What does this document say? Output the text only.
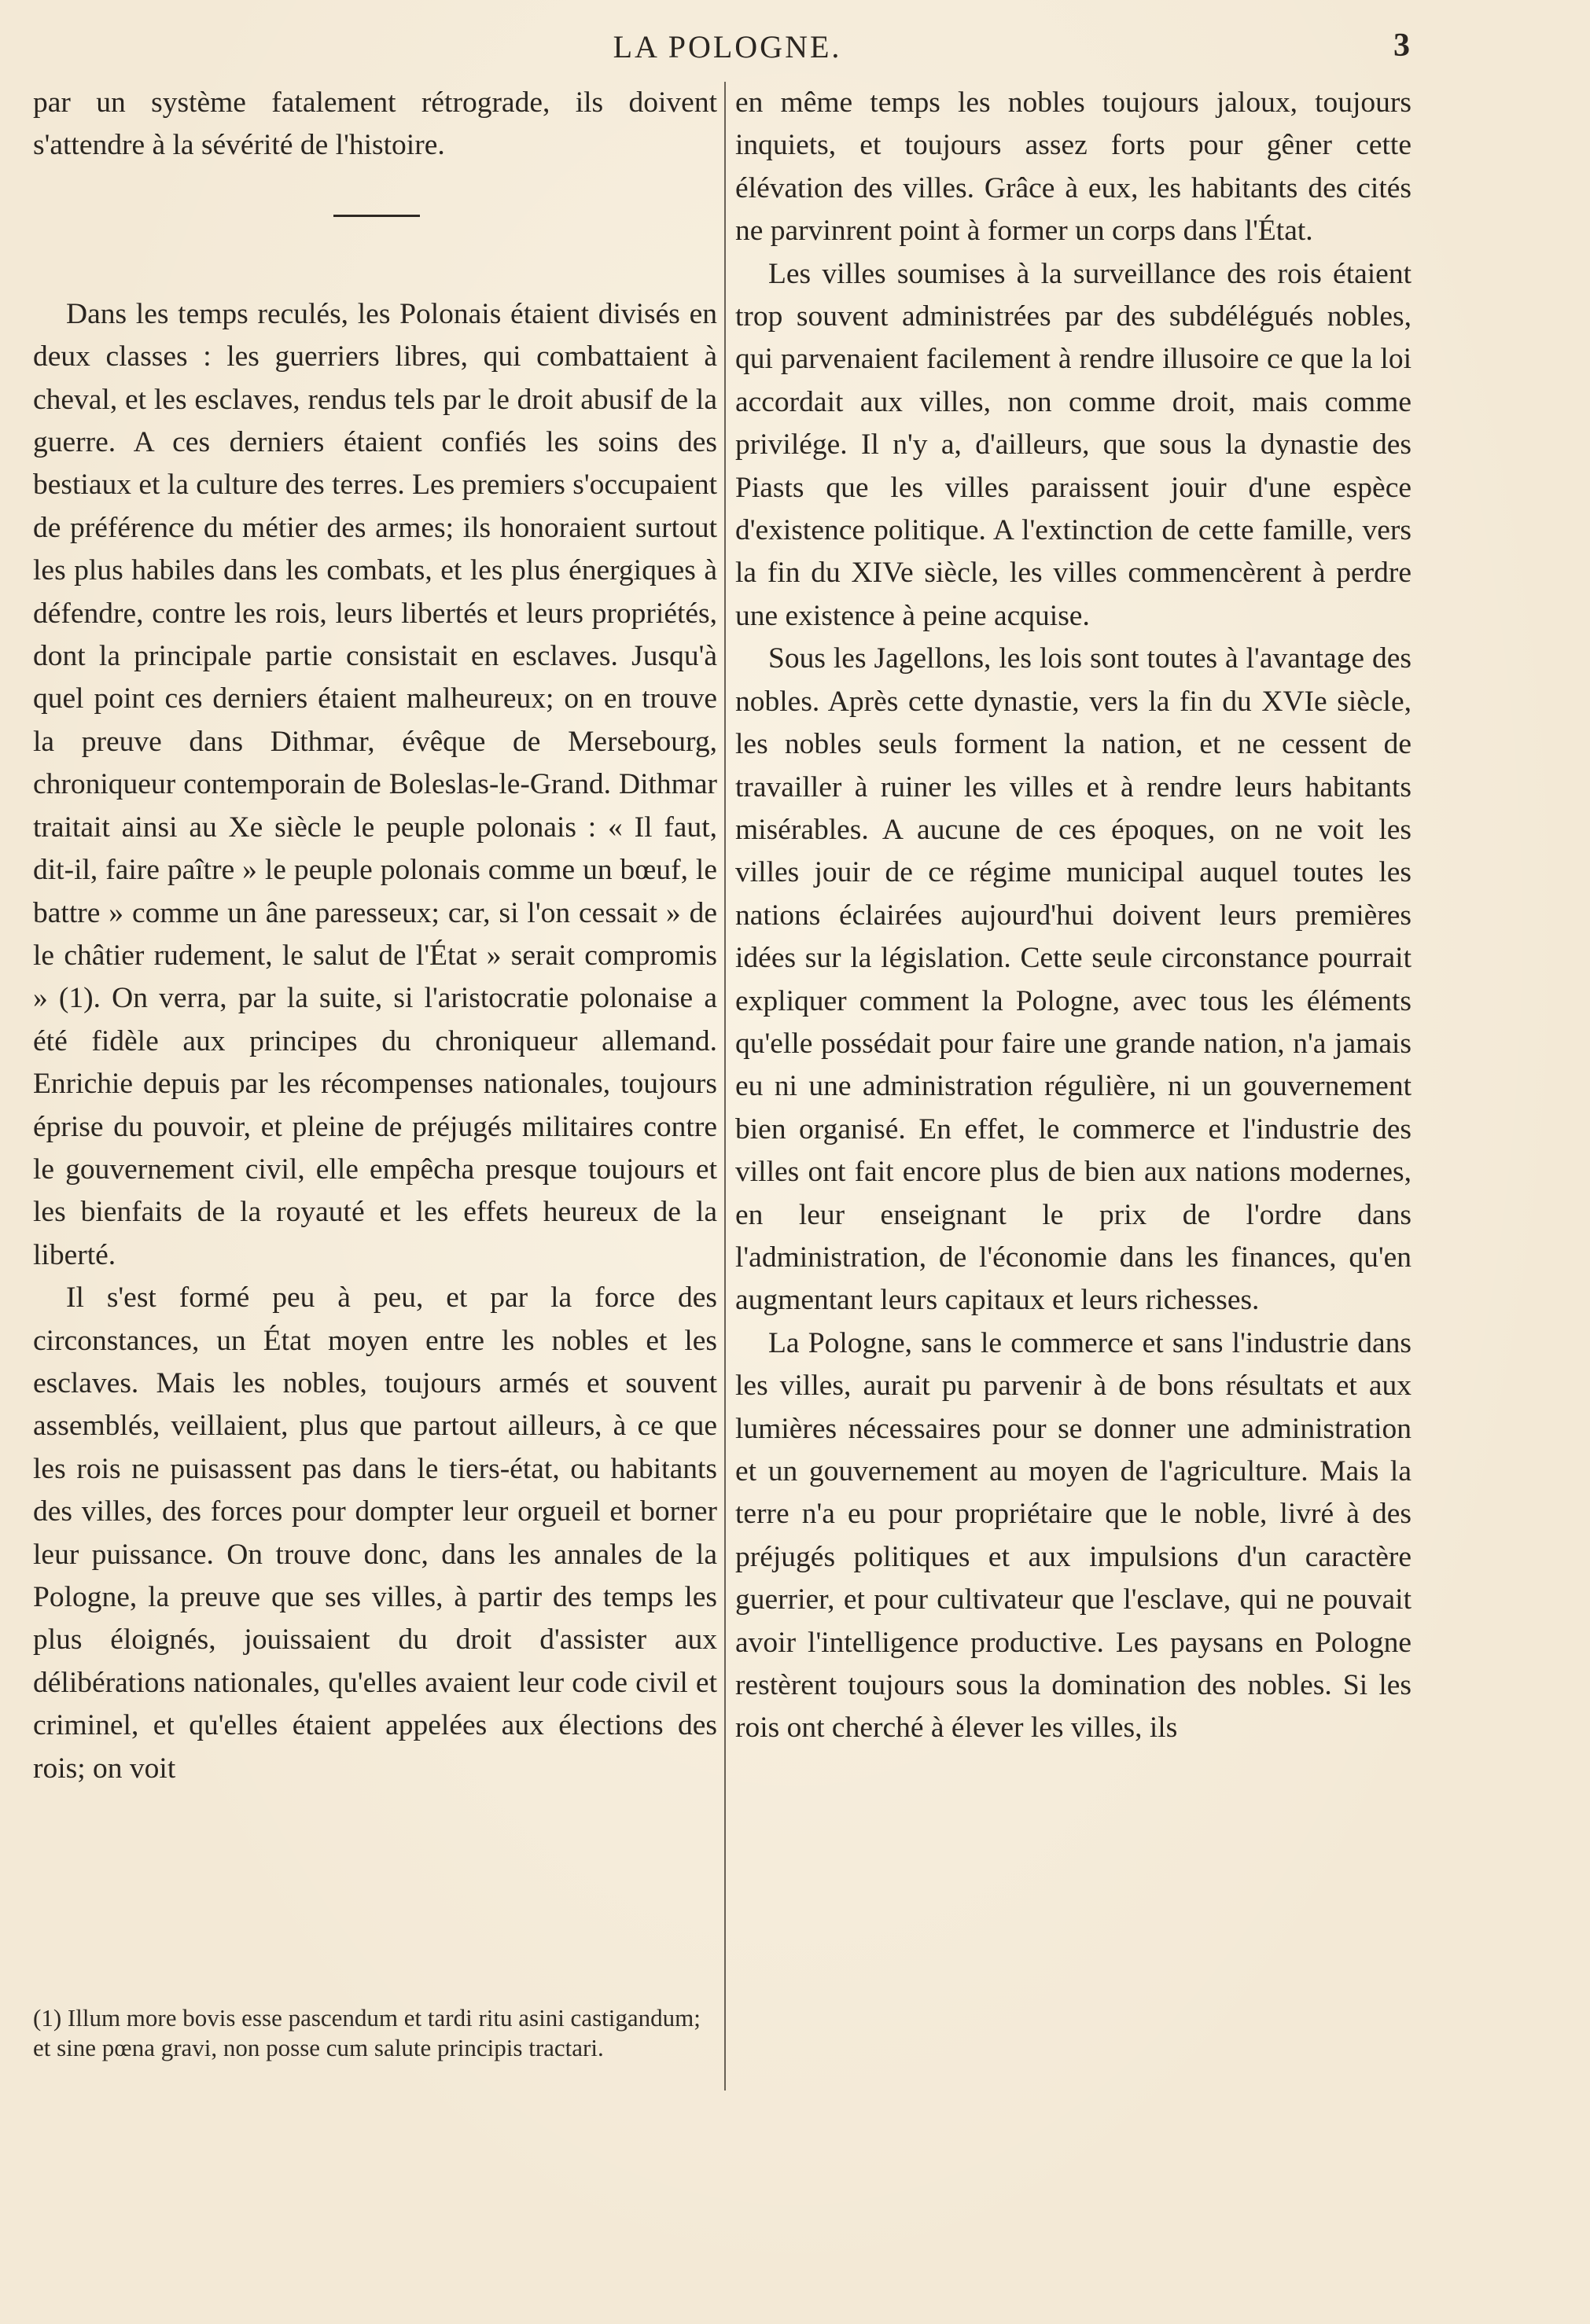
LA POLOGNE.	3

par un système fatalement rétrograde, ils doivent s'attendre à la sévérité de l'histoire.

Dans les temps reculés, les Polonais étaient divisés en deux classes : les guerriers libres, qui combattaient à cheval, et les esclaves, rendus tels par le droit abusif de la guerre. A ces derniers étaient confiés les soins des bestiaux et la culture des terres. Les premiers s'occupaient de préférence du métier des armes; ils honoraient surtout les plus habiles dans les combats, et les plus énergiques à défendre, contre les rois, leurs libertés et leurs propriétés, dont la principale partie consistait en esclaves. Jusqu'à quel point ces derniers étaient malheureux; on en trouve la preuve dans Dithmar, évêque de Mersebourg, chroniqueur contemporain de Boleslas-le-Grand. Dithmar traitait ainsi au Xe siècle le peuple polonais : « Il faut, dit-il, faire paître » le peuple polonais comme un bœuf, le battre » comme un âne paresseux; car, si l'on cessait » de le châtier rudement, le salut de l'État » serait compromis » (1). On verra, par la suite, si l'aristocratie polonaise a été fidèle aux principes du chroniqueur allemand. Enrichie depuis par les récompenses nationales, toujours éprise du pouvoir, et pleine de préjugés militaires contre le gouvernement civil, elle empêcha presque toujours et les bienfaits de la royauté et les effets heureux de la liberté.

Il s'est formé peu à peu, et par la force des circonstances, un État moyen entre les nobles et les esclaves. Mais les nobles, toujours armés et souvent assemblés, veillaient, plus que partout ailleurs, à ce que les rois ne puisassent pas dans le tiers-état, ou habitants des villes, des forces pour dompter leur orgueil et borner leur puissance. On trouve donc, dans les annales de la Pologne, la preuve que ses villes, à partir des temps les plus éloignés, jouissaient du droit d'assister aux délibérations nationales, qu'elles avaient leur code civil et criminel, et qu'elles étaient appelées aux élections des rois; on voit

en même temps les nobles toujours jaloux, toujours inquiets, et toujours assez forts pour gêner cette élévation des villes. Grâce à eux, les habitants des cités ne parvinrent point à former un corps dans l'État.

Les villes soumises à la surveillance des rois étaient trop souvent administrées par des subdélégués nobles, qui parvenaient facilement à rendre illusoire ce que la loi accordait aux villes, non comme droit, mais comme privilége. Il n'y a, d'ailleurs, que sous la dynastie des Piasts que les villes paraissent jouir d'une espèce d'existence politique. A l'extinction de cette famille, vers la fin du XIVe siècle, les villes commencèrent à perdre une existence à peine acquise.

Sous les Jagellons, les lois sont toutes à l'avantage des nobles. Après cette dynastie, vers la fin du XVIe siècle, les nobles seuls forment la nation, et ne cessent de travailler à ruiner les villes et à rendre leurs habitants misérables. A aucune de ces époques, on ne voit les villes jouir de ce régime municipal auquel toutes les nations éclairées aujourd'hui doivent leurs premières idées sur la législation. Cette seule circonstance pourrait expliquer comment la Pologne, avec tous les éléments qu'elle possédait pour faire une grande nation, n'a jamais eu ni une administration régulière, ni un gouvernement bien organisé. En effet, le commerce et l'industrie des villes ont fait encore plus de bien aux nations modernes, en leur enseignant le prix de l'ordre dans l'administration, de l'économie dans les finances, qu'en augmentant leurs capitaux et leurs richesses.

La Pologne, sans le commerce et sans l'industrie dans les villes, aurait pu parvenir à de bons résultats et aux lumières nécessaires pour se donner une administration et un gouvernement au moyen de l'agriculture. Mais la terre n'a eu pour propriétaire que le noble, livré à des préjugés politiques et aux impulsions d'un caractère guerrier, et pour cultivateur que l'esclave, qui ne pouvait avoir l'intelligence productive. Les paysans en Pologne restèrent toujours sous la domination des nobles. Si les rois ont cherché à élever les villes, ils

(1) Illum more bovis esse pascendum et tardi ritu asini castigandum; et sine pœna gravi, non posse cum salute principis tractari.
